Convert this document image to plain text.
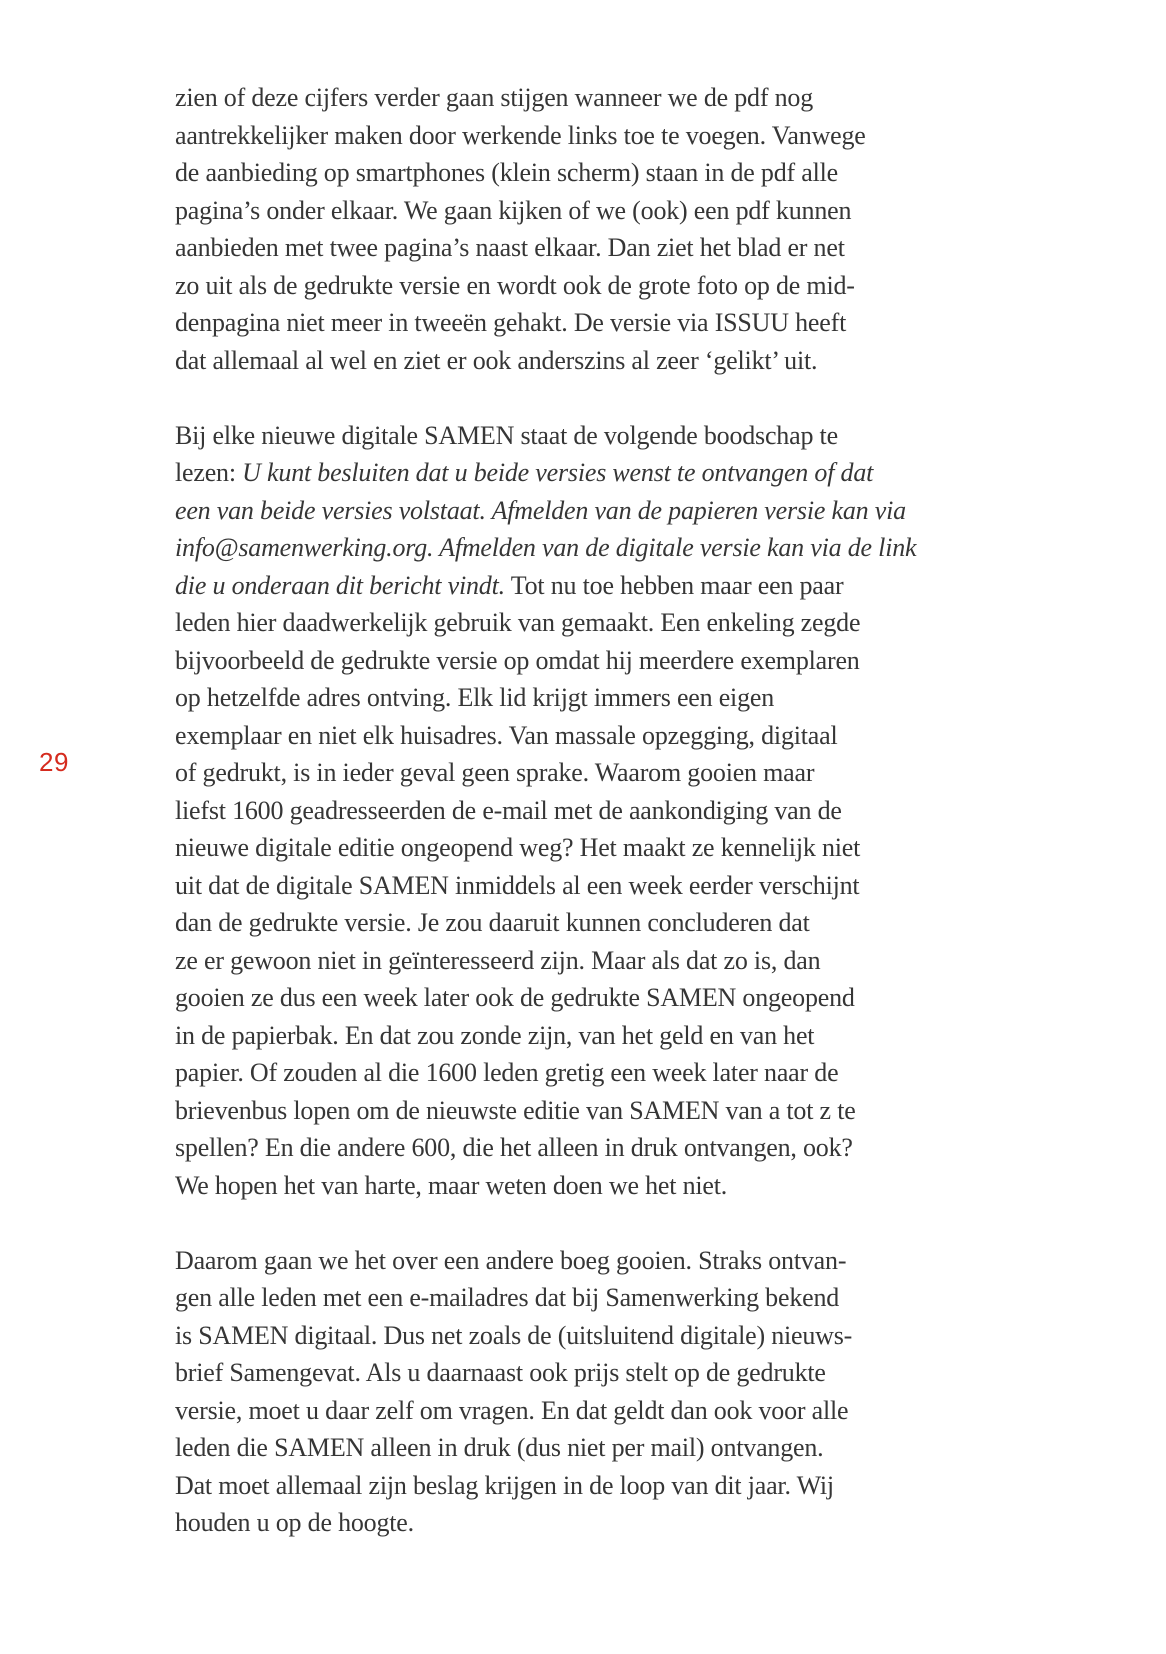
29
zien of deze cijfers verder gaan stijgen wanneer we de pdf nog
aantrekkelijker maken door werkende links toe te voegen. Vanwege
de aanbieding op smartphones (klein scherm) staan in de pdf alle
pagina’s onder elkaar. We gaan kijken of we (ook) een pdf kunnen
aanbieden met twee pagina’s naast elkaar. Dan ziet het blad er net
zo uit als de gedrukte versie en wordt ook de grote foto op de mid-
denpagina niet meer in tweeën gehakt. De versie via ISSUU heeft
dat allemaal al wel en ziet er ook anderszins al zeer ‘gelikt’ uit.
Bij elke nieuwe digitale SAMEN staat de volgende boodschap te
lezen: U kunt besluiten dat u beide versies wenst te ontvangen of dat
een van beide versies volstaat. Afmelden van de papieren versie kan via
info@samenwerking.org. Afmelden van de digitale versie kan via de link
die u onderaan dit bericht vindt. Tot nu toe hebben maar een paar
leden hier daadwerkelijk gebruik van gemaakt. Een enkeling zegde
bijvoorbeeld de gedrukte versie op omdat hij meerdere exemplaren
op hetzelfde adres ontving. Elk lid krijgt immers een eigen
exemplaar en niet elk huisadres. Van massale opzegging, digitaal
of gedrukt, is in ieder geval geen sprake. Waarom gooien maar
liefst 1600 geadresseerden de e-mail met de aankondiging van de
nieuwe digitale editie ongeopend weg? Het maakt ze kennelijk niet
uit dat de digitale SAMEN inmiddels al een week eerder verschijnt
dan de gedrukte versie. Je zou daaruit kunnen concluderen dat
ze er gewoon niet in geïnteresseerd zijn. Maar als dat zo is, dan
gooien ze dus een week later ook de gedrukte SAMEN ongeopend
in de papierbak. En dat zou zonde zijn, van het geld en van het
papier. Of zouden al die 1600 leden gretig een week later naar de
brievenbus lopen om de nieuwste editie van SAMEN van a tot z te
spellen? En die andere 600, die het alleen in druk ontvangen, ook?
We hopen het van harte, maar weten doen we het niet.
Daarom gaan we het over een andere boeg gooien. Straks ontvan-
gen alle leden met een e-mailadres dat bij Samenwerking bekend
is SAMEN digitaal. Dus net zoals de (uitsluitend digitale) nieuws-
brief Samengevat. Als u daarnaast ook prijs stelt op de gedrukte
versie, moet u daar zelf om vragen. En dat geldt dan ook voor alle
leden die SAMEN alleen in druk (dus niet per mail) ontvangen.
Dat moet allemaal zijn beslag krijgen in de loop van dit jaar. Wij
houden u op de hoogte.
